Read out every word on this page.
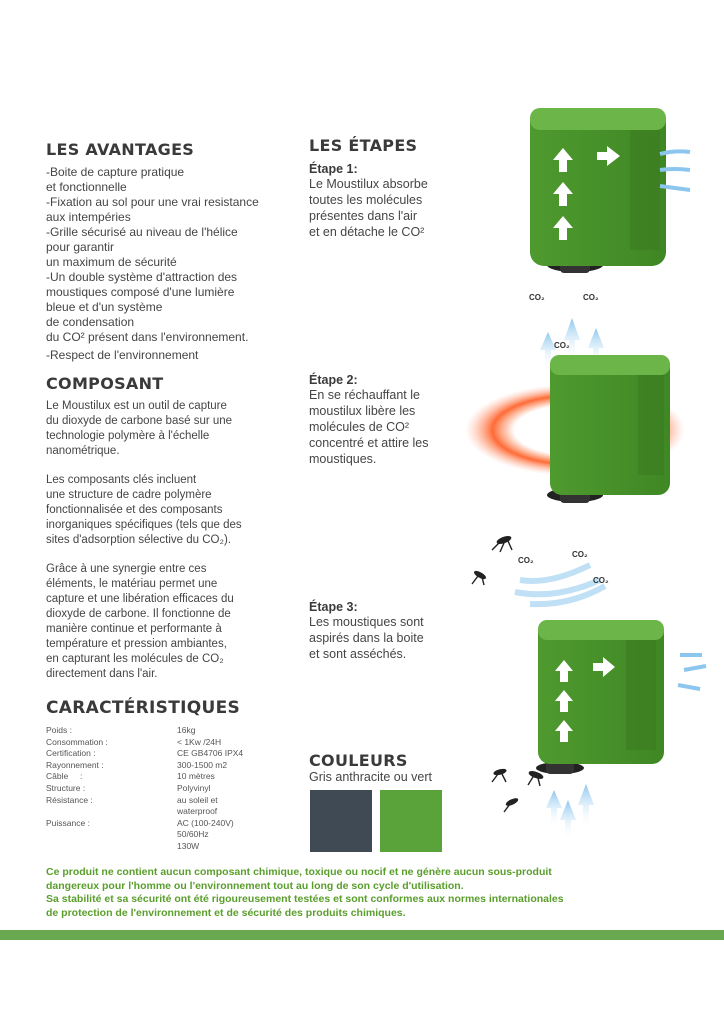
LES AVANTAGES
-Boite de capture pratique
et fonctionnelle
-Fixation au sol pour une vrai resistance
aux intempéries
-Grille sécurisé au niveau de l'hélice
pour garantir
un maximum de sécurité
-Un double système d'attraction des
moustiques composé d'une lumière
bleue et d'un système
de condensation
du CO² présent dans l'environnement.
-Respect de l'environnement
COMPOSANT

Le Moustilux est un outil de capture
du dioxyde de carbone basé sur une
technologie polymère à l'échelle
nanométrique.

Les composants clés incluent
une structure de cadre polymère
fonctionnalisée et des composants
inorganiques spécifiques (tels que des
sites d'adsorption sélective du CO₂).

Grâce à une synergie entre ces
éléments, le matériau permet une
capture et une libération efficaces du
dioxyde de carbone. Il fonctionne de
manière continue et performante à
température et pression ambiantes,
en capturant les molécules de CO₂
directement dans l'air.

CARACTÉRISTIQUES
Poids :	16kg
Consommation :	< 1Kw /24H
Certification :	CE GB4706 IPX4
Rayonnement :	300-1500 m2
Câble     :	10 mètres
Structure :	Polyvinyl
Résistance :	au soleil et
waterproof
Puissance :	AC (100-240V)
50/60Hz
130W
LES ÉTAPES
Étape 1:
Le Moustilux absorbe
toutes les molécules
présentes dans l'air
et en détache le CO²
Étape 2:
En se réchauffant le
moustilux libère les
molécules de CO²
concentré et attire les
moustiques.
Étape 3:
Les moustiques sont
aspirés dans la boite
et sont asséchés.
CO₂	CO₂
CO₂
CO₂
CO₂
CO₂
COULEURS
Gris anthracite ou vert
Ce produit ne contient aucun composant chimique, toxique ou nocif et ne génère aucun sous-produit
dangereux pour l'homme ou l'environnement tout au long de son cycle d'utilisation.
Sa stabilité et sa sécurité ont été rigoureusement testées et sont conformes aux normes internationales
de protection de l'environnement et de sécurité des produits chimiques.
